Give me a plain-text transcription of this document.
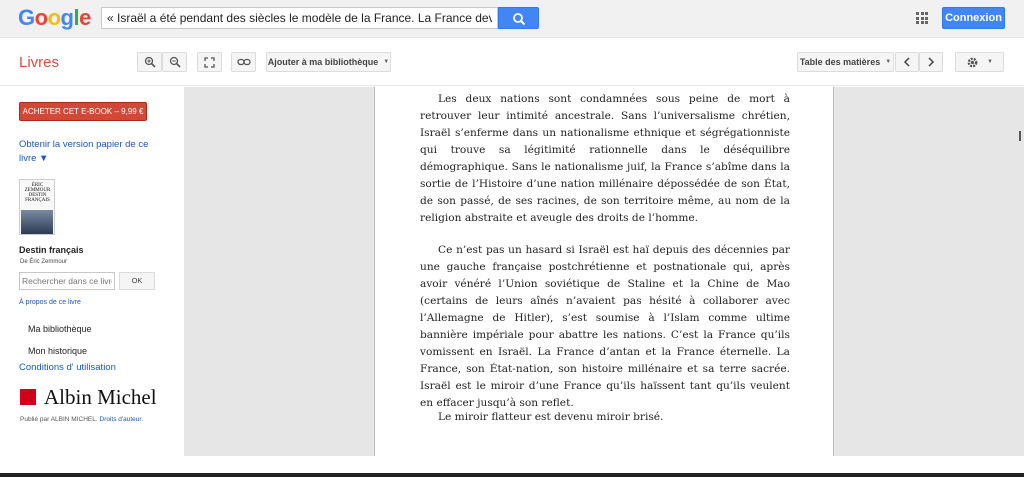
Google
« Israël a été pendant des siècles le modèle de la France. La France devient à sc	Connexion
Livres	Ajouter à ma bibliothèque ▼	Table des matières ▼	▼
ACHETER CET E-BOOK – 9,99 €
Obtenir la version papier de ce livre ▼
ÉRIC ZEMMOUR DESTIN FRANÇAIS
Destin français
De Éric Zemmour
Rechercher dans ce livre
OK
À propos de ce livre
Ma bibliothèque
Mon historique
Conditions d' utilisation
Albin Michel
Publié par ALBIN MICHEL. Droits d'auteur.

Les deux nations sont condamnées sous peine de mort à retrouver leur intimité ancestrale. Sans l’universalisme chrétien, Israël s’enferme dans un nationalisme ethnique et ségrégationniste qui trouve sa légitimité rationnelle dans le déséquilibre démographique. Sans le nationalisme juif, la France s’abîme dans la sortie de l’Histoire d’une nation millénaire dépossédée de son État, de son passé, de ses racines, de son territoire même, au nom de la religion abstraite et aveugle des droits de l’homme.

Ce n’est pas un hasard si Israël est haï depuis des décennies par une gauche française postchrétienne et postnationale qui, après avoir vénéré l’Union soviétique de Staline et la Chine de Mao (certains de leurs aînés n’avaient pas hésité à collaborer avec l’Allemagne de Hitler), s’est soumise à l’Islam comme ultime bannière impériale pour abattre les nations. C’est la France qu’ils vomissent en Israël. La France d’antan et la France éternelle. La France, son État-nation, son histoire millénaire et sa terre sacrée. Israël est le miroir d’une France qu’ils haïssent tant qu’ils veulent en effacer jusqu’à son reflet.

Le miroir flatteur est devenu miroir brisé.
